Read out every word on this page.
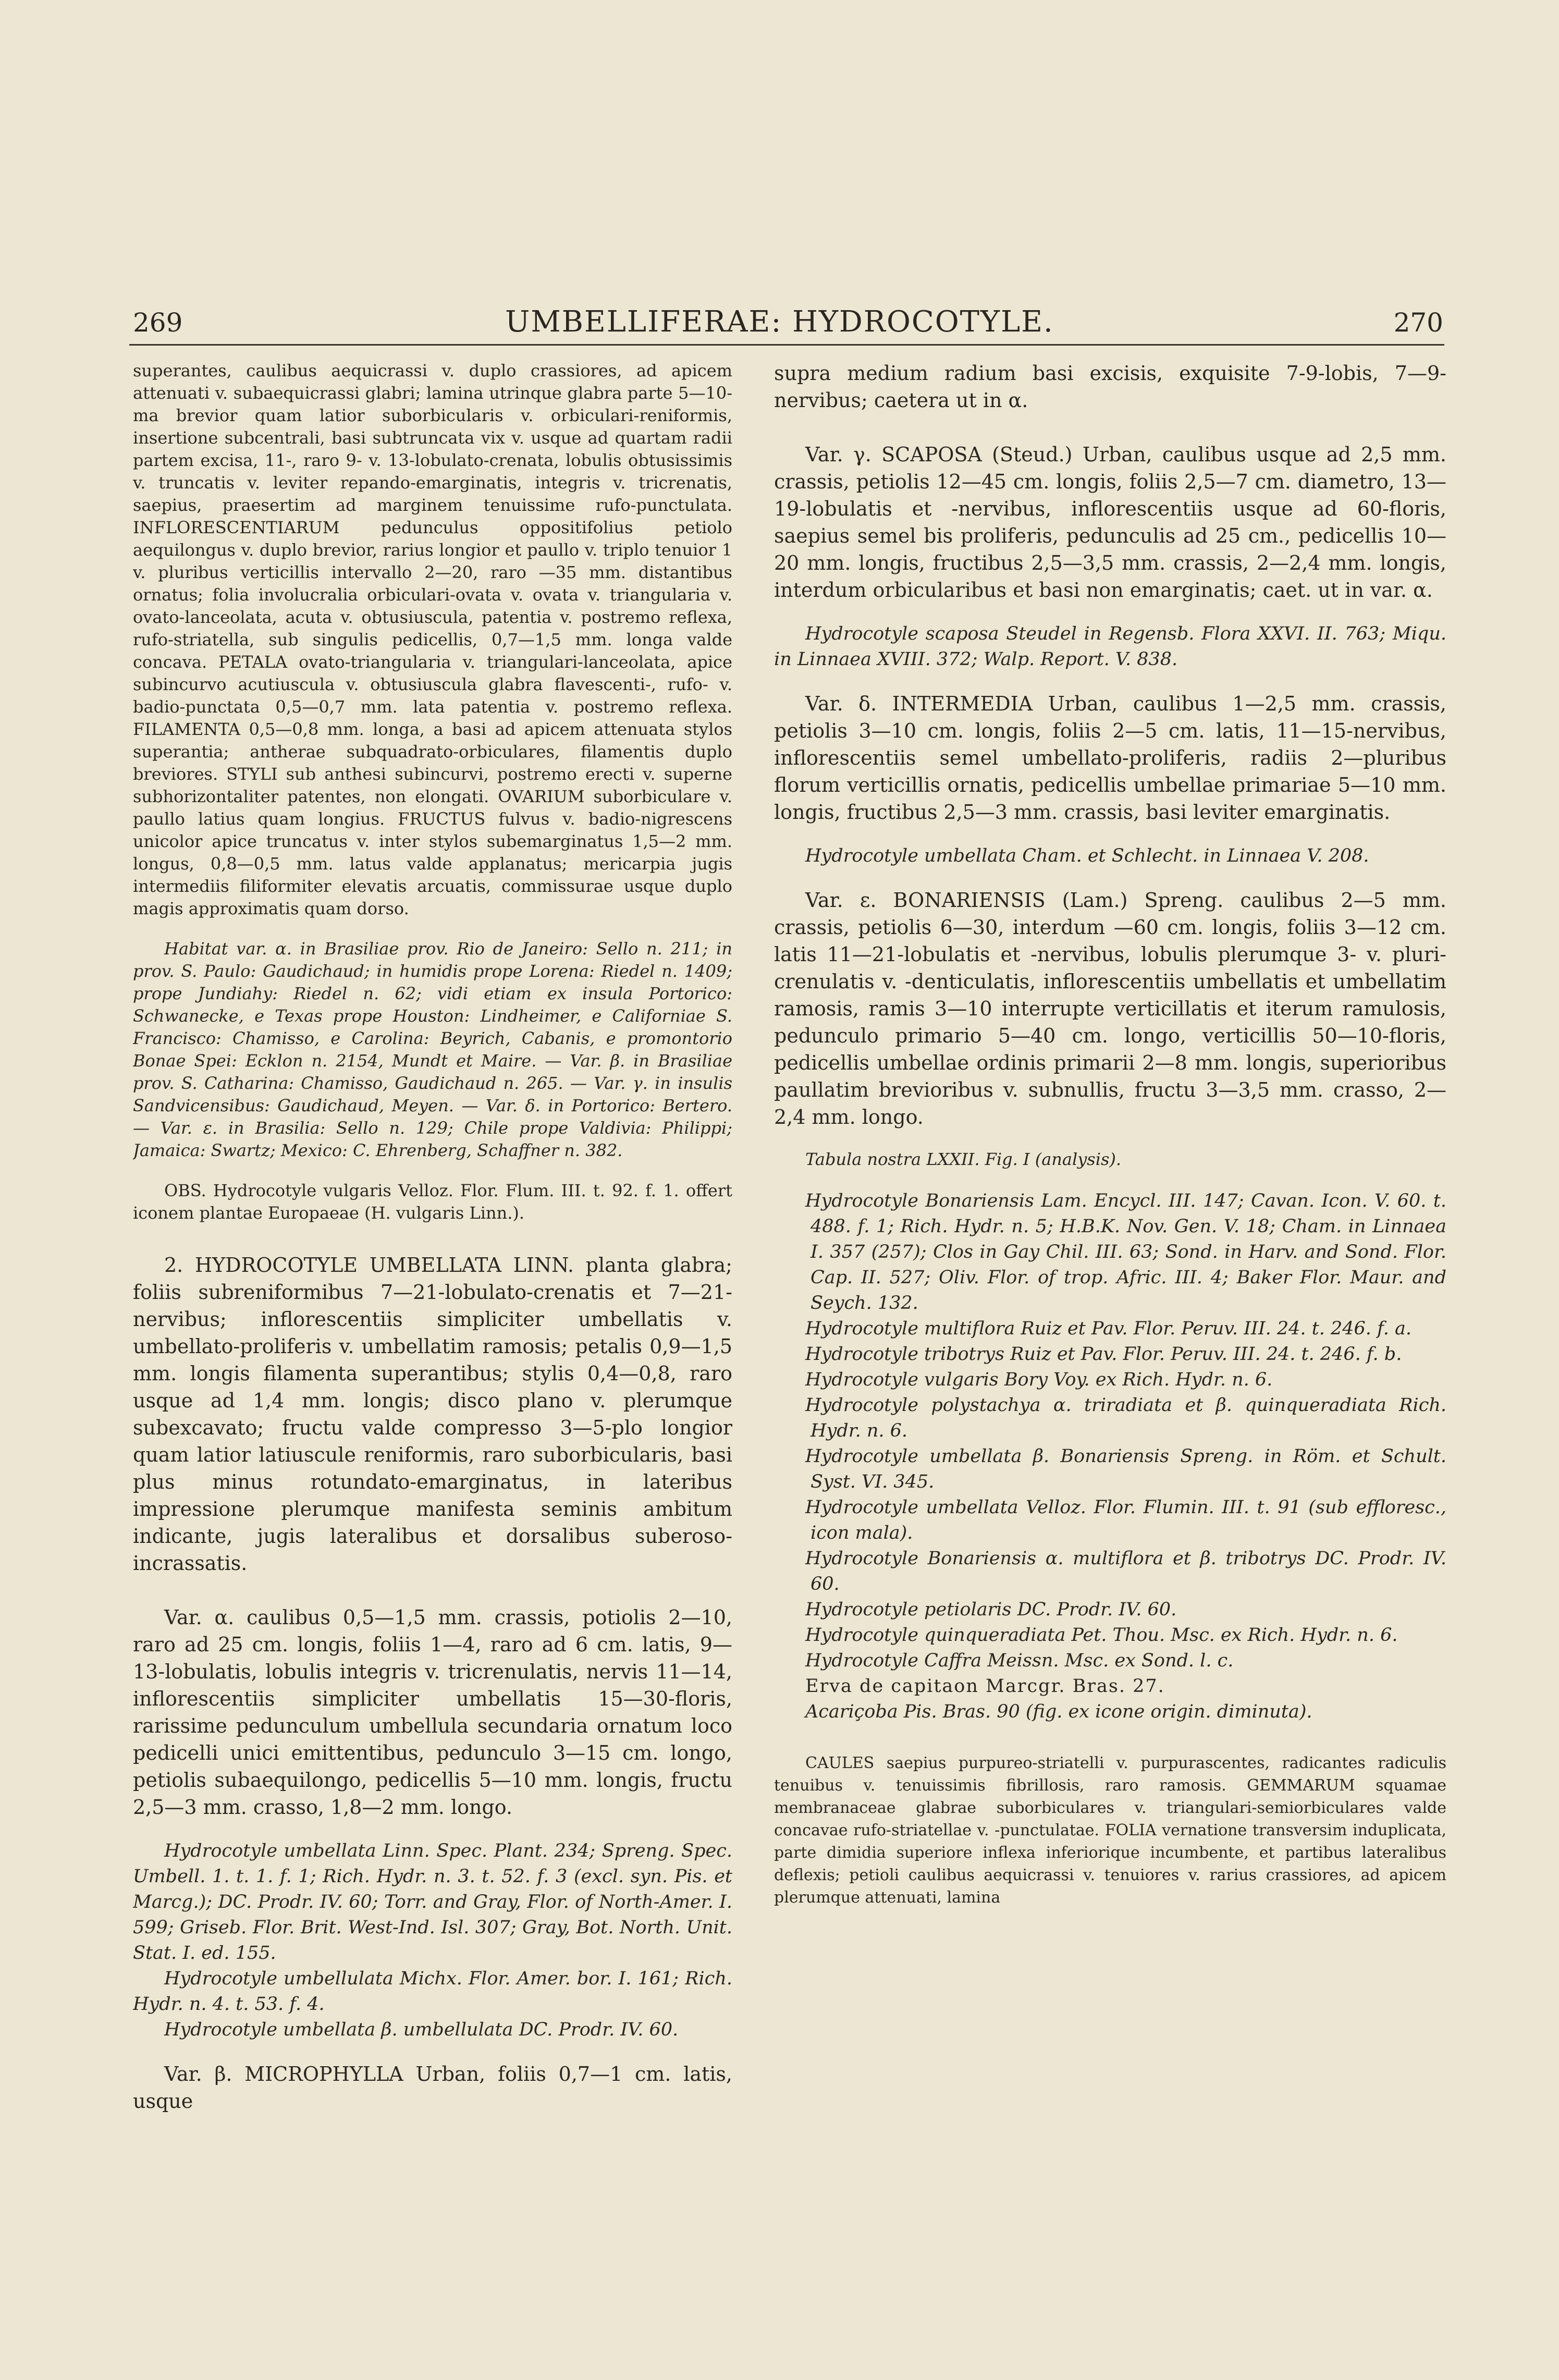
269	UMBELLIFERAE: HYDROCOTYLE.	270

superantes, caulibus aequicrassi v. duplo crassiores, ad apicem attenuati v. subaequicrassi glabri; lamina utrinque glabra parte 5—10-ma brevior quam latior suborbicularis v. orbiculari-reniformis, insertione subcentrali, basi subtruncata vix v. usque ad quartam radii partem excisa, 11-, raro 9- v. 13-lobulato-crenata, lobulis obtusissimis v. truncatis v. leviter repando-emarginatis, integris v. tricrenatis, saepius, praesertim ad marginem tenuissime rufo-punctulata. INFLORESCENTIARUM pedunculus oppositifolius petiolo aequilongus v. duplo brevior, rarius longior et paullo v. triplo tenuior 1 v. pluribus verticillis intervallo 2—20, raro —35 mm. distantibus ornatus; folia involucralia orbiculari-ovata v. ovata v. triangularia v. ovato-lanceolata, acuta v. obtusiuscula, patentia v. postremo reflexa, rufo-striatella, sub singulis pedicellis, 0,7—1,5 mm. longa valde concava. PETALA ovato-triangularia v. triangulari-lanceolata, apice subincurvo acutiuscula v. obtusiuscula glabra flavescenti-, rufo- v. badio-punctata 0,5—0,7 mm. lata patentia v. postremo reflexa. FILAMENTA 0,5—0,8 mm. longa, a basi ad apicem attenuata stylos superantia; antherae subquadrato-orbiculares, filamentis duplo breviores. STYLI sub anthesi subincurvi, postremo erecti v. superne subhorizontaliter patentes, non elongati. OVARIUM suborbiculare v. paullo latius quam longius. FRUCTUS fulvus v. badio-nigrescens unicolor apice truncatus v. inter stylos subemarginatus 1,5—2 mm. longus, 0,8—0,5 mm. latus valde applanatus; mericarpia jugis intermediis filiformiter elevatis arcuatis, commissurae usque duplo magis approximatis quam dorso.

Habitat var. α. in Brasiliae prov. Rio de Janeiro: Sello n. 211; in prov. S. Paulo: Gaudichaud; in humidis prope Lorena: Riedel n. 1409; prope Jundiahy: Riedel n. 62; vidi etiam ex insula Portorico: Schwanecke, e Texas prope Houston: Lindheimer, e Californiae S. Francisco: Chamisso, e Carolina: Beyrich, Cabanis, e promontorio Bonae Spei: Ecklon n. 2154, Mundt et Maire. — Var. β. in Brasiliae prov. S. Catharina: Chamisso, Gaudichaud n. 265. — Var. γ. in insulis Sandvicensibus: Gaudichaud, Meyen. — Var. δ. in Portorico: Bertero. — Var. ε. in Brasilia: Sello n. 129; Chile prope Valdivia: Philippi; Jamaica: Swartz; Mexico: C. Ehrenberg, Schaffner n. 382.

OBS. Hydrocotyle vulgaris Velloz. Flor. Flum. III. t. 92. f. 1. offert iconem plantae Europaeae (H. vulgaris Linn.).

2. HYDROCOTYLE UMBELLATA LINN. planta glabra; foliis subreniformibus 7—21-lobulato-crenatis et 7—21-nervibus; inflorescentiis simpliciter umbellatis v. umbellato-proliferis v. umbellatim ramosis; petalis 0,9—1,5 mm. longis filamenta superantibus; stylis 0,4—0,8, raro usque ad 1,4 mm. longis; disco plano v. plerumque subexcavato; fructu valde compresso 3—5-plo longior quam latior latiuscule reniformis, raro suborbicularis, basi plus minus rotundato-emarginatus, in lateribus impressione plerumque manifesta seminis ambitum indicante, jugis lateralibus et dorsalibus suberoso-incrassatis.

Var. α. caulibus 0,5—1,5 mm. crassis, potiolis 2—10, raro ad 25 cm. longis, foliis 1—4, raro ad 6 cm. latis, 9—13-lobulatis, lobulis integris v. tricrenulatis, nervis 11—14, inflorescentiis simpliciter umbellatis 15—30-floris, rarissime pedunculum umbellula secundaria ornatum loco pedicelli unici emittentibus, pedunculo 3—15 cm. longo, petiolis subaequilongo, pedicellis 5—10 mm. longis, fructu 2,5—3 mm. crasso, 1,8—2 mm. longo.

Hydrocotyle umbellata Linn. Spec. Plant. 234; Spreng. Spec. Umbell. 1. t. 1. f. 1; Rich. Hydr. n. 3. t. 52. f. 3 (excl. syn. Pis. et Marcg.); DC. Prodr. IV. 60; Torr. and Gray, Flor. of North-Amer. I. 599; Griseb. Flor. Brit. West-Ind. Isl. 307; Gray, Bot. North. Unit. Stat. I. ed. 155.

Hydrocotyle umbellulata Michx. Flor. Amer. bor. I. 161; Rich. Hydr. n. 4. t. 53. f. 4.

Hydrocotyle umbellata β. umbellulata DC. Prodr. IV. 60.

Var. β. MICROPHYLLA Urban, foliis 0,7—1 cm. latis, usque

supra medium radium basi excisis, exquisite 7-9-lobis, 7—9-nervibus; caetera ut in α.

Var. γ. SCAPOSA (Steud.) Urban, caulibus usque ad 2,5 mm. crassis, petiolis 12—45 cm. longis, foliis 2,5—7 cm. diametro, 13—19-lobulatis et -nervibus, inflorescentiis usque ad 60-floris, saepius semel bis proliferis, pedunculis ad 25 cm., pedicellis 10—20 mm. longis, fructibus 2,5—3,5 mm. crassis, 2—2,4 mm. longis, interdum orbicularibus et basi non emarginatis; caet. ut in var. α.

Hydrocotyle scaposa Steudel in Regensb. Flora XXVI. II. 763; Miqu. in Linnaea XVIII. 372; Walp. Report. V. 838.

Var. δ. INTERMEDIA Urban, caulibus 1—2,5 mm. crassis, petiolis 3—10 cm. longis, foliis 2—5 cm. latis, 11—15-nervibus, inflorescentiis semel umbellato-proliferis, radiis 2—pluribus florum verticillis ornatis, pedicellis umbellae primariae 5—10 mm. longis, fructibus 2,5—3 mm. crassis, basi leviter emarginatis.

Hydrocotyle umbellata Cham. et Schlecht. in Linnaea V. 208.

Var. ε. BONARIENSIS (Lam.) Spreng. caulibus 2—5 mm. crassis, petiolis 6—30, interdum —60 cm. longis, foliis 3—12 cm. latis 11—21-lobulatis et -nervibus, lobulis plerumque 3- v. pluri-crenulatis v. -denticulatis, inflorescentiis umbellatis et umbellatim ramosis, ramis 3—10 interrupte verticillatis et iterum ramulosis, pedunculo primario 5—40 cm. longo, verticillis 50—10-floris, pedicellis umbellae ordinis primarii 2—8 mm. longis, superioribus paullatim brevioribus v. subnullis, fructu 3—3,5 mm. crasso, 2—2,4 mm. longo.

Tabula nostra LXXII. Fig. I (analysis).

Hydrocotyle Bonariensis Lam. Encycl. III. 147; Cavan. Icon. V. 60. t. 488. f. 1; Rich. Hydr. n. 5; H.B.K. Nov. Gen. V. 18; Cham. in Linnaea I. 357 (257); Clos in Gay Chil. III. 63; Sond. in Harv. and Sond. Flor. Cap. II. 527; Oliv. Flor. of trop. Afric. III. 4; Baker Flor. Maur. and Seych. 132.

Hydrocotyle multiflora Ruiz et Pav. Flor. Peruv. III. 24. t. 246. f. a.

Hydrocotyle tribotrys Ruiz et Pav. Flor. Peruv. III. 24. t. 246. f. b.

Hydrocotyle vulgaris Bory Voy. ex Rich. Hydr. n. 6.

Hydrocotyle polystachya α. triradiata et β. quinqueradiata Rich. Hydr. n. 6.

Hydrocotyle umbellata β. Bonariensis Spreng. in Röm. et Schult. Syst. VI. 345.

Hydrocotyle umbellata Velloz. Flor. Flumin. III. t. 91 (sub effloresc., icon mala).

Hydrocotyle Bonariensis α. multiflora et β. tribotrys DC. Prodr. IV. 60.

Hydrocotyle petiolaris DC. Prodr. IV. 60.

Hydrocotyle quinqueradiata Pet. Thou. Msc. ex Rich. Hydr. n. 6.

Hydrocotyle Caffra Meissn. Msc. ex Sond. l. c.

Erva de capitaon Marcgr. Bras. 27.

Acariçoba Pis. Bras. 90 (fig. ex icone origin. diminuta).

CAULES saepius purpureo-striatelli v. purpurascentes, radicantes radiculis tenuibus v. tenuissimis fibrillosis, raro ramosis. GEMMARUM squamae membranaceae glabrae suborbiculares v. triangulari-semiorbiculares valde concavae rufo-striatellae v. -punctulatae. FOLIA vernatione transversim induplicata, parte dimidia superiore inflexa inferiorique incumbente, et partibus lateralibus deflexis; petioli caulibus aequicrassi v. tenuiores v. rarius crassiores, ad apicem plerumque attenuati, lamina
